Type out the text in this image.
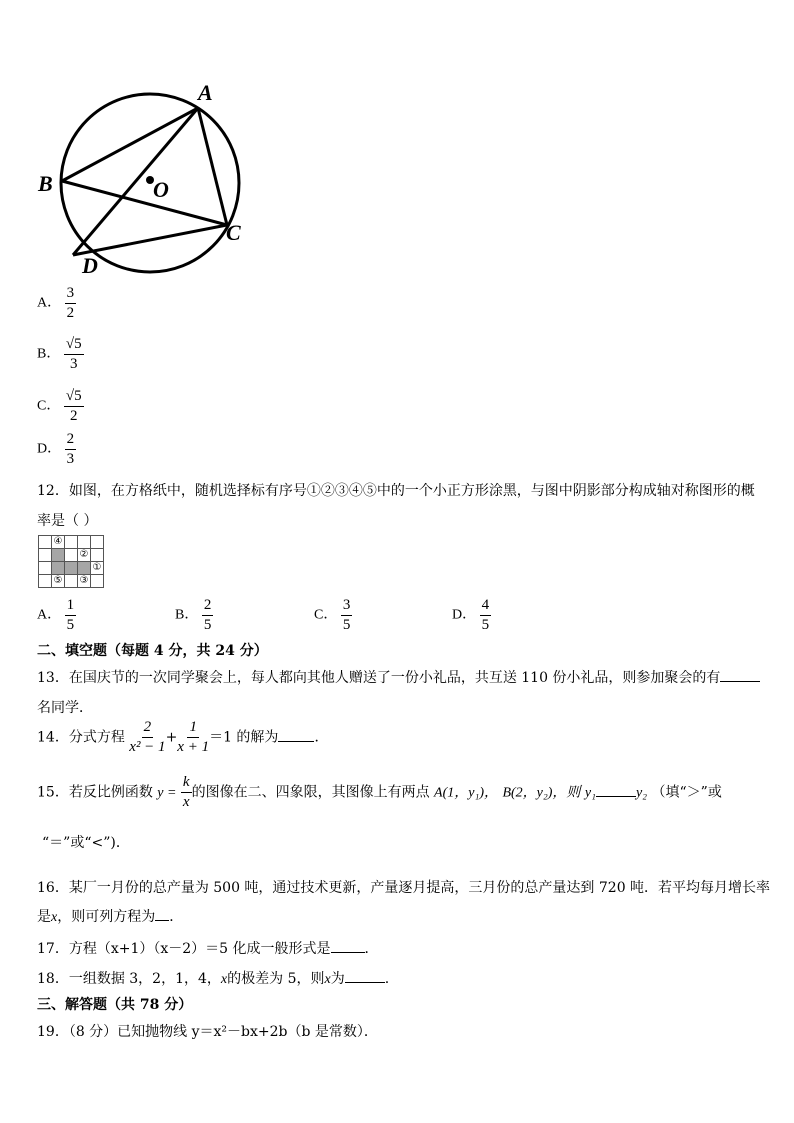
A
B
C
D
O
A． $\frac{3}{2}$
B． $\frac{√5}{3}$
C． $\frac{√5}{2}$
D． $\frac{2}{3}$
12．如图，在方格纸中，随机选择标有序号①②③④⑤中的一个小正方形涂黑，与图中阴影部分构成轴对称图形的概
率是（ ）
	④			
			②	
				①
	⑤		③	
A． $\frac{1}{5}$	B． $\frac{2}{5}$	C． $\frac{3}{5}$	D． $\frac{4}{5}$
二、填空题（每题 4 分，共 24 分）
13．在国庆节的一次同学聚会上，每人都向其他人赠送了一份小礼品，共互送 110 份小礼品，则参加聚会的有
名同学．
14．分式方程 $\frac{2}{\text{x² − 1}} + \frac{1}{x + 1} =1$ 的解为	．
15．若反比例函数 $y = \frac{k}{x}$ 的图像在二、四象限，其图像上有两点 A(1，y₁)， B(2，y₂)，则 y₁	y₂ （填“＞”或
“＝”或“<”)．
16．某厂一月份的总产量为 500 吨，通过技术更新，产量逐月提高，三月份的总产量达到 720 吨．若平均每月增长率
是x，则可列方程为 ．
17．方程（x+1）（x－2）＝5 化成一般形式是 ．
18．一组数据 3，2，1，4，x的极差为 5，则x为	.
三、解答题（共 78 分）
19．（8 分）已知抛物线 y＝x²－bx+2b（b 是常数）．
